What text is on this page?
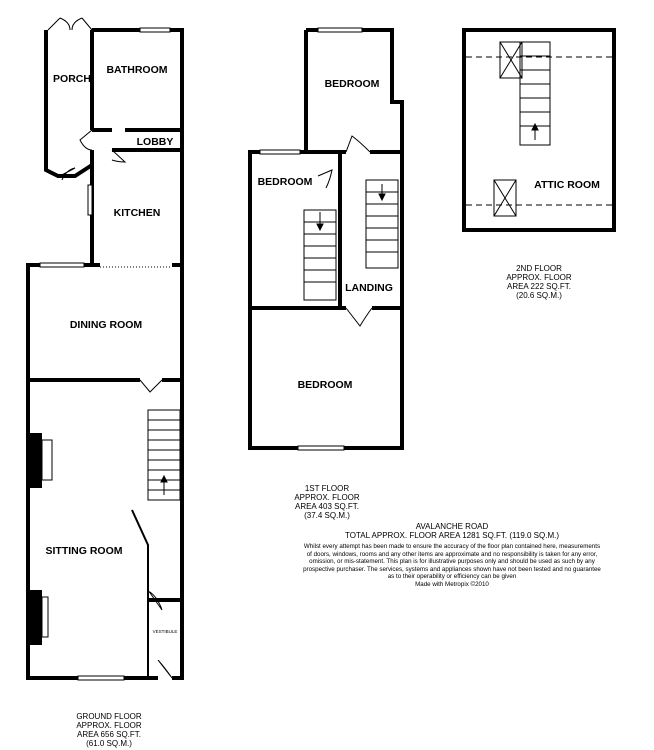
PORCH
BATHROOM
LOBBY
KITCHEN
DINING ROOM
SITTING ROOM
VESTIBULE
BEDROOM
BEDROOM
LANDING
BEDROOM
ATTIC ROOM
GROUND FLOOR
APPROX. FLOOR
AREA 656 SQ.FT.
(61.0 SQ.M.)
1ST FLOOR
APPROX. FLOOR
AREA 403 SQ.FT.
(37.4 SQ.M.)
2ND FLOOR
APPROX. FLOOR
AREA 222 SQ.FT.
(20.6 SQ.M.)
AVALANCHE ROAD
TOTAL APPROX. FLOOR AREA 1281 SQ.FT. (119.0 SQ.M.)
Whilst every attempt has been made to ensure the accuracy of the floor plan contained here, measurements
of doors, windows, rooms and any other items are approximate and no responsibility is taken for any error,
omission, or mis-statement. This plan is for illustrative purposes only and should be used as such by any
prospective purchaser. The services, systems and appliances shown have not been tested and no guarantee
as to their operability or efficiency can be given
Made with Metropix ©2010
